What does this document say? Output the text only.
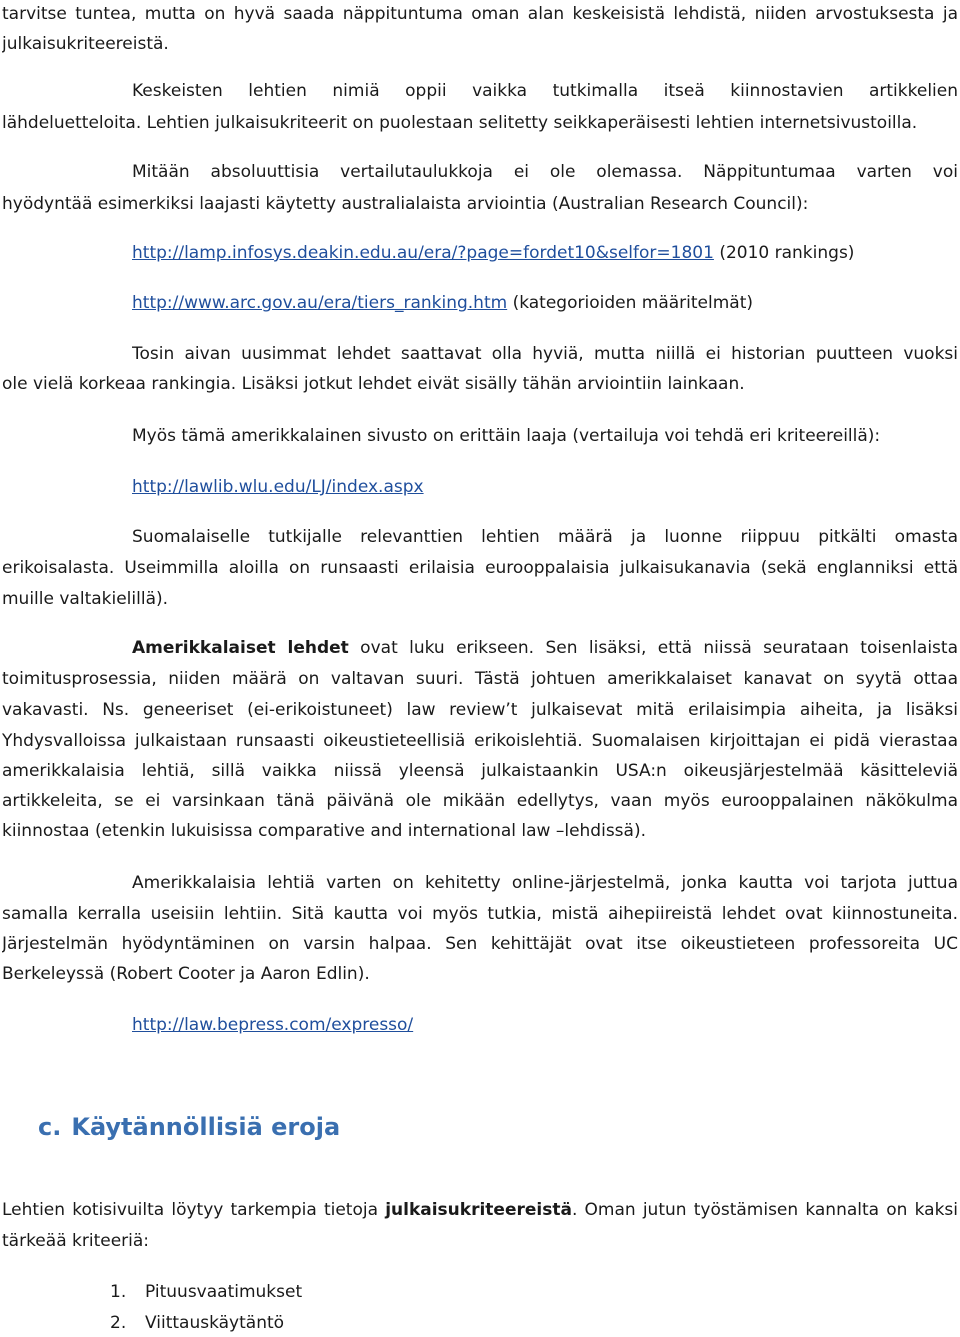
tarvitse tuntea, mutta on hyvä saada näppituntuma oman alan keskeisistä lehdistä, niiden arvostuksesta ja
julkaisukriteereistä.
Keskeisten lehtien nimiä oppii vaikka tutkimalla itseä kiinnostavien artikkelien
lähdeluetteloita. Lehtien julkaisukriteerit on puolestaan selitetty seikkaperäisesti lehtien internetsivustoilla.
Mitään absoluuttisia vertailutaulukkoja ei ole olemassa. Näppituntumaa varten voi
hyödyntää esimerkiksi laajasti käytetty australialaista arviointia (Australian Research Council):
http://lamp.infosys.deakin.edu.au/era/?page=fordet10&selfor=1801 (2010 rankings)
http://www.arc.gov.au/era/tiers_ranking.htm (kategorioiden määritelmät)
Tosin aivan uusimmat lehdet saattavat olla hyviä, mutta niillä ei historian puutteen vuoksi
ole vielä korkeaa rankingia. Lisäksi jotkut lehdet eivät sisälly tähän arviointiin lainkaan.
Myös tämä amerikkalainen sivusto on erittäin laaja (vertailuja voi tehdä eri kriteereillä):
http://lawlib.wlu.edu/LJ/index.aspx
Suomalaiselle tutkijalle relevanttien lehtien määrä ja luonne riippuu pitkälti omasta
erikoisalasta. Useimmilla aloilla on runsaasti erilaisia eurooppalaisia julkaisukanavia (sekä englanniksi että
muille valtakielillä).
Amerikkalaiset lehdet ovat luku erikseen. Sen lisäksi, että niissä seurataan toisenlaista
toimitusprosessia, niiden määrä on valtavan suuri. Tästä johtuen amerikkalaiset kanavat on syytä ottaa
vakavasti. Ns. geneeriset (ei-erikoistuneet) law review’t julkaisevat mitä erilaisimpia aiheita, ja lisäksi
Yhdysvalloissa julkaistaan runsaasti oikeustieteellisiä erikoislehtiä. Suomalaisen kirjoittajan ei pidä vierastaa
amerikkalaisia lehtiä, sillä vaikka niissä yleensä julkaistaankin USA:n oikeusjärjestelmää käsitteleviä
artikkeleita, se ei varsinkaan tänä päivänä ole mikään edellytys, vaan myös eurooppalainen näkökulma
kiinnostaa (etenkin lukuisissa comparative and international law –lehdissä).
Amerikkalaisia lehtiä varten on kehitetty online-järjestelmä, jonka kautta voi tarjota juttua
samalla kerralla useisiin lehtiin. Sitä kautta voi myös tutkia, mistä aihepiireistä lehdet ovat kiinnostuneita.
Järjestelmän hyödyntäminen on varsin halpaa. Sen kehittäjät ovat itse oikeustieteen professoreita UC
Berkeleyssä (Robert Cooter ja Aaron Edlin).
http://law.bepress.com/expresso/
c. Käytännöllisiä eroja
Lehtien kotisivuilta löytyy tarkempia tietoja julkaisukriteereistä. Oman jutun työstämisen kannalta on kaksi
tärkeää kriteeriä:
1. Pituusvaatimukset
2. Viittauskäytäntö
